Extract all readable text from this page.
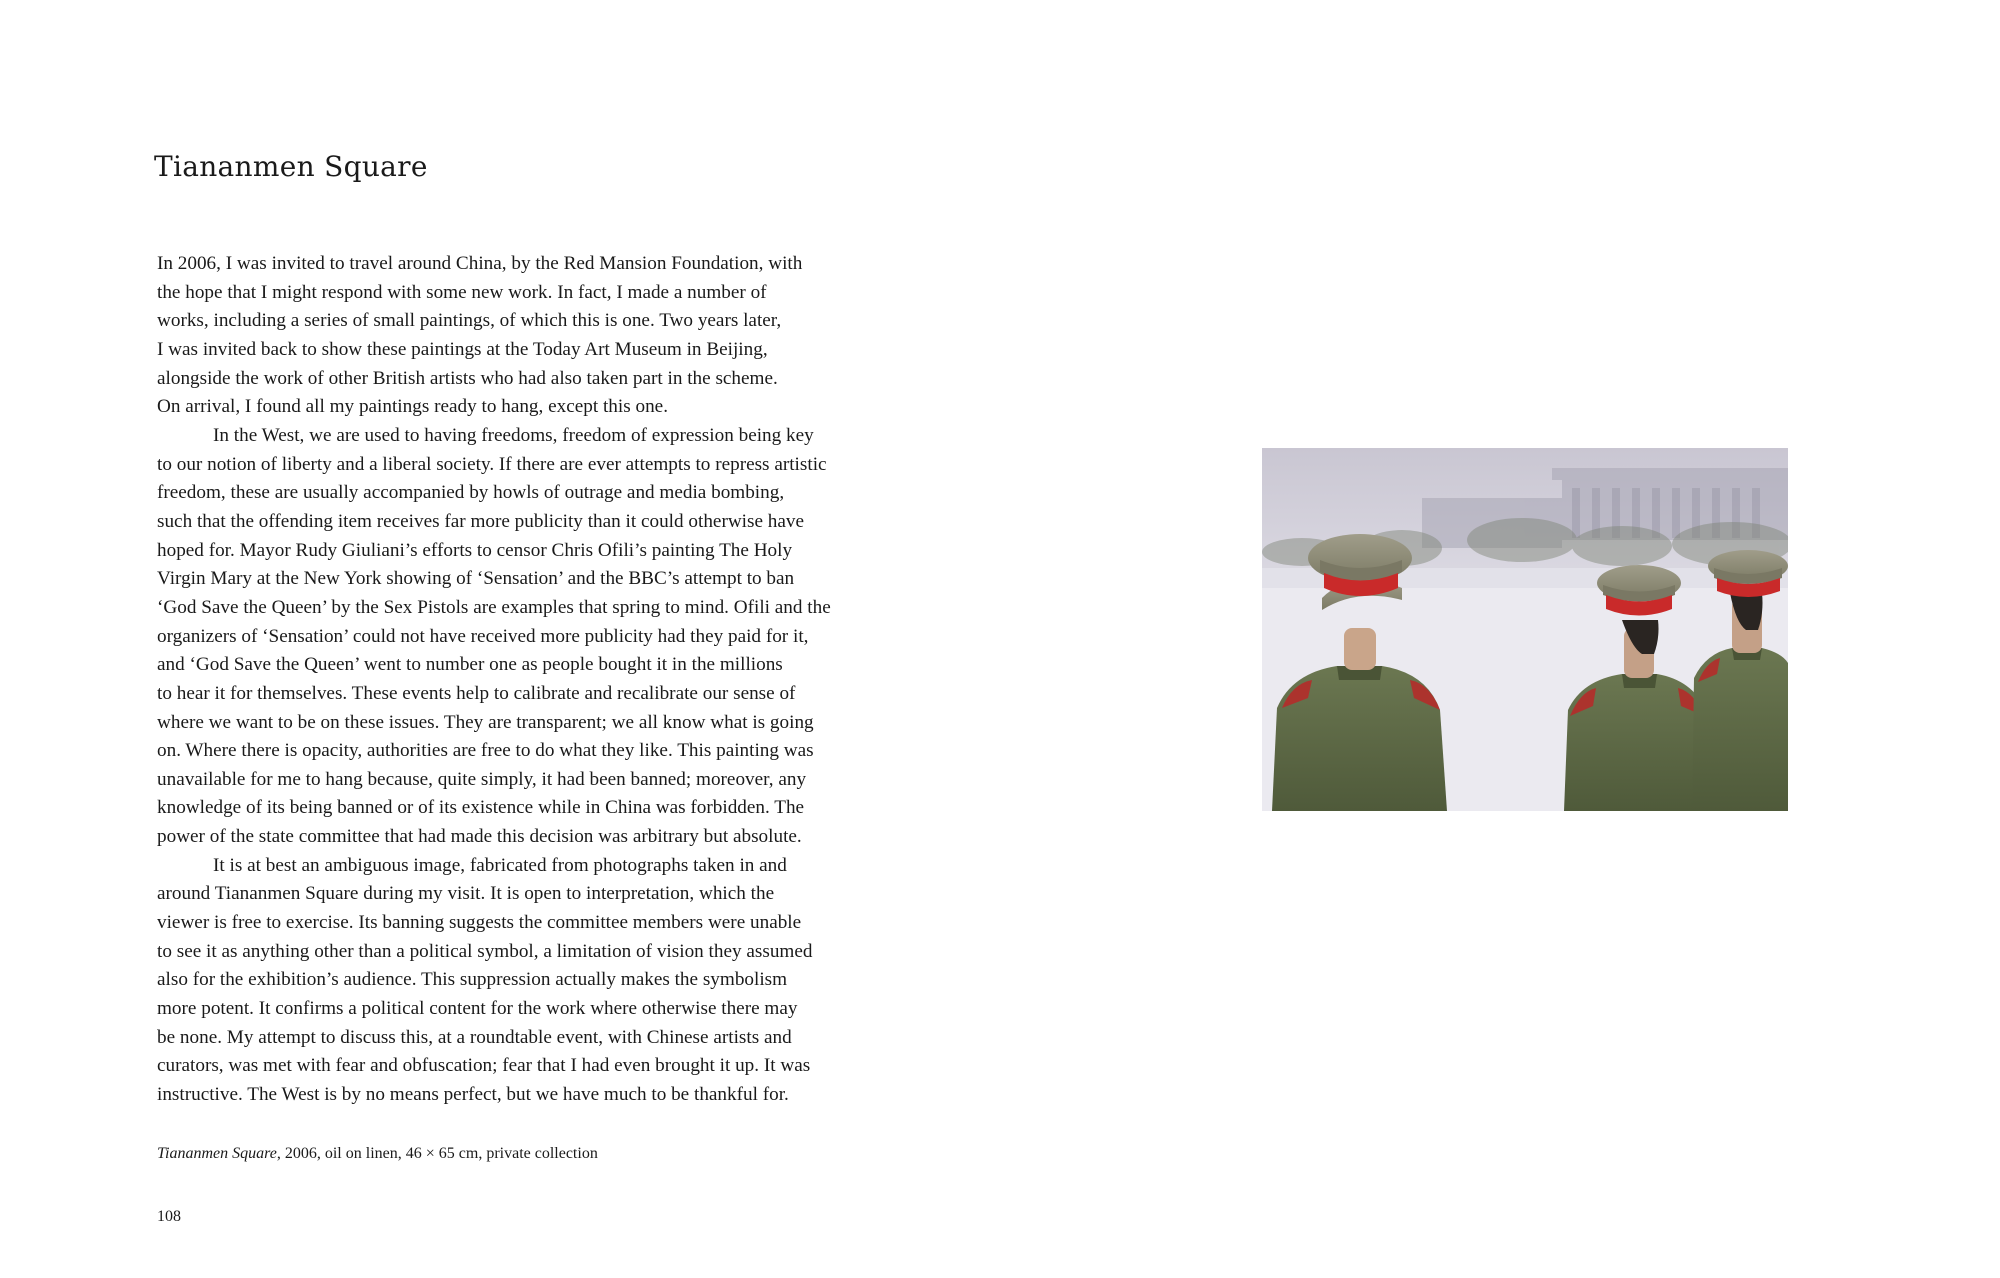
Tiananmen Square

In 2006, I was invited to travel around China, by the Red Mansion Foundation, with
the hope that I might respond with some new work. In fact, I made a number of
works, including a series of small paintings, of which this is one. Two years later,
I was invited back to show these paintings at the Today Art Museum in Beijing,
alongside the work of other British artists who had also taken part in the scheme.
On arrival, I found all my paintings ready to hang, except this one.

In the West, we are used to having freedoms, freedom of expression being key
to our notion of liberty and a liberal society. If there are ever attempts to repress artistic
freedom, these are usually accompanied by howls of outrage and media bombing,
such that the offending item receives far more publicity than it could otherwise have
hoped for. Mayor Rudy Giuliani’s efforts to censor Chris Ofili’s painting The Holy
Virgin Mary at the New York showing of ‘Sensation’ and the BBC’s attempt to ban
‘God Save the Queen’ by the Sex Pistols are examples that spring to mind. Ofili and the
organizers of ‘Sensation’ could not have received more publicity had they paid for it,
and ‘God Save the Queen’ went to number one as people bought it in the millions
to hear it for themselves. These events help to calibrate and recalibrate our sense of
where we want to be on these issues. They are transparent; we all know what is going
on. Where there is opacity, authorities are free to do what they like. This painting was
unavailable for me to hang because, quite simply, it had been banned; moreover, any
knowledge of its being banned or of its existence while in China was forbidden. The
power of the state committee that had made this decision was arbitrary but absolute.

It is at best an ambiguous image, fabricated from photographs taken in and
around Tiananmen Square during my visit. It is open to interpretation, which the
viewer is free to exercise. Its banning suggests the committee members were unable
to see it as anything other than a political symbol, a limitation of vision they assumed
also for the exhibition’s audience. This suppression actually makes the symbolism
more potent. It confirms a political content for the work where otherwise there may
be none. My attempt to discuss this, at a roundtable event, with Chinese artists and
curators, was met with fear and obfuscation; fear that I had even brought it up. It was
instructive. The West is by no means perfect, but we have much to be thankful for.

Tiananmen Square, 2006, oil on linen, 46 × 65 cm, private collection
108
